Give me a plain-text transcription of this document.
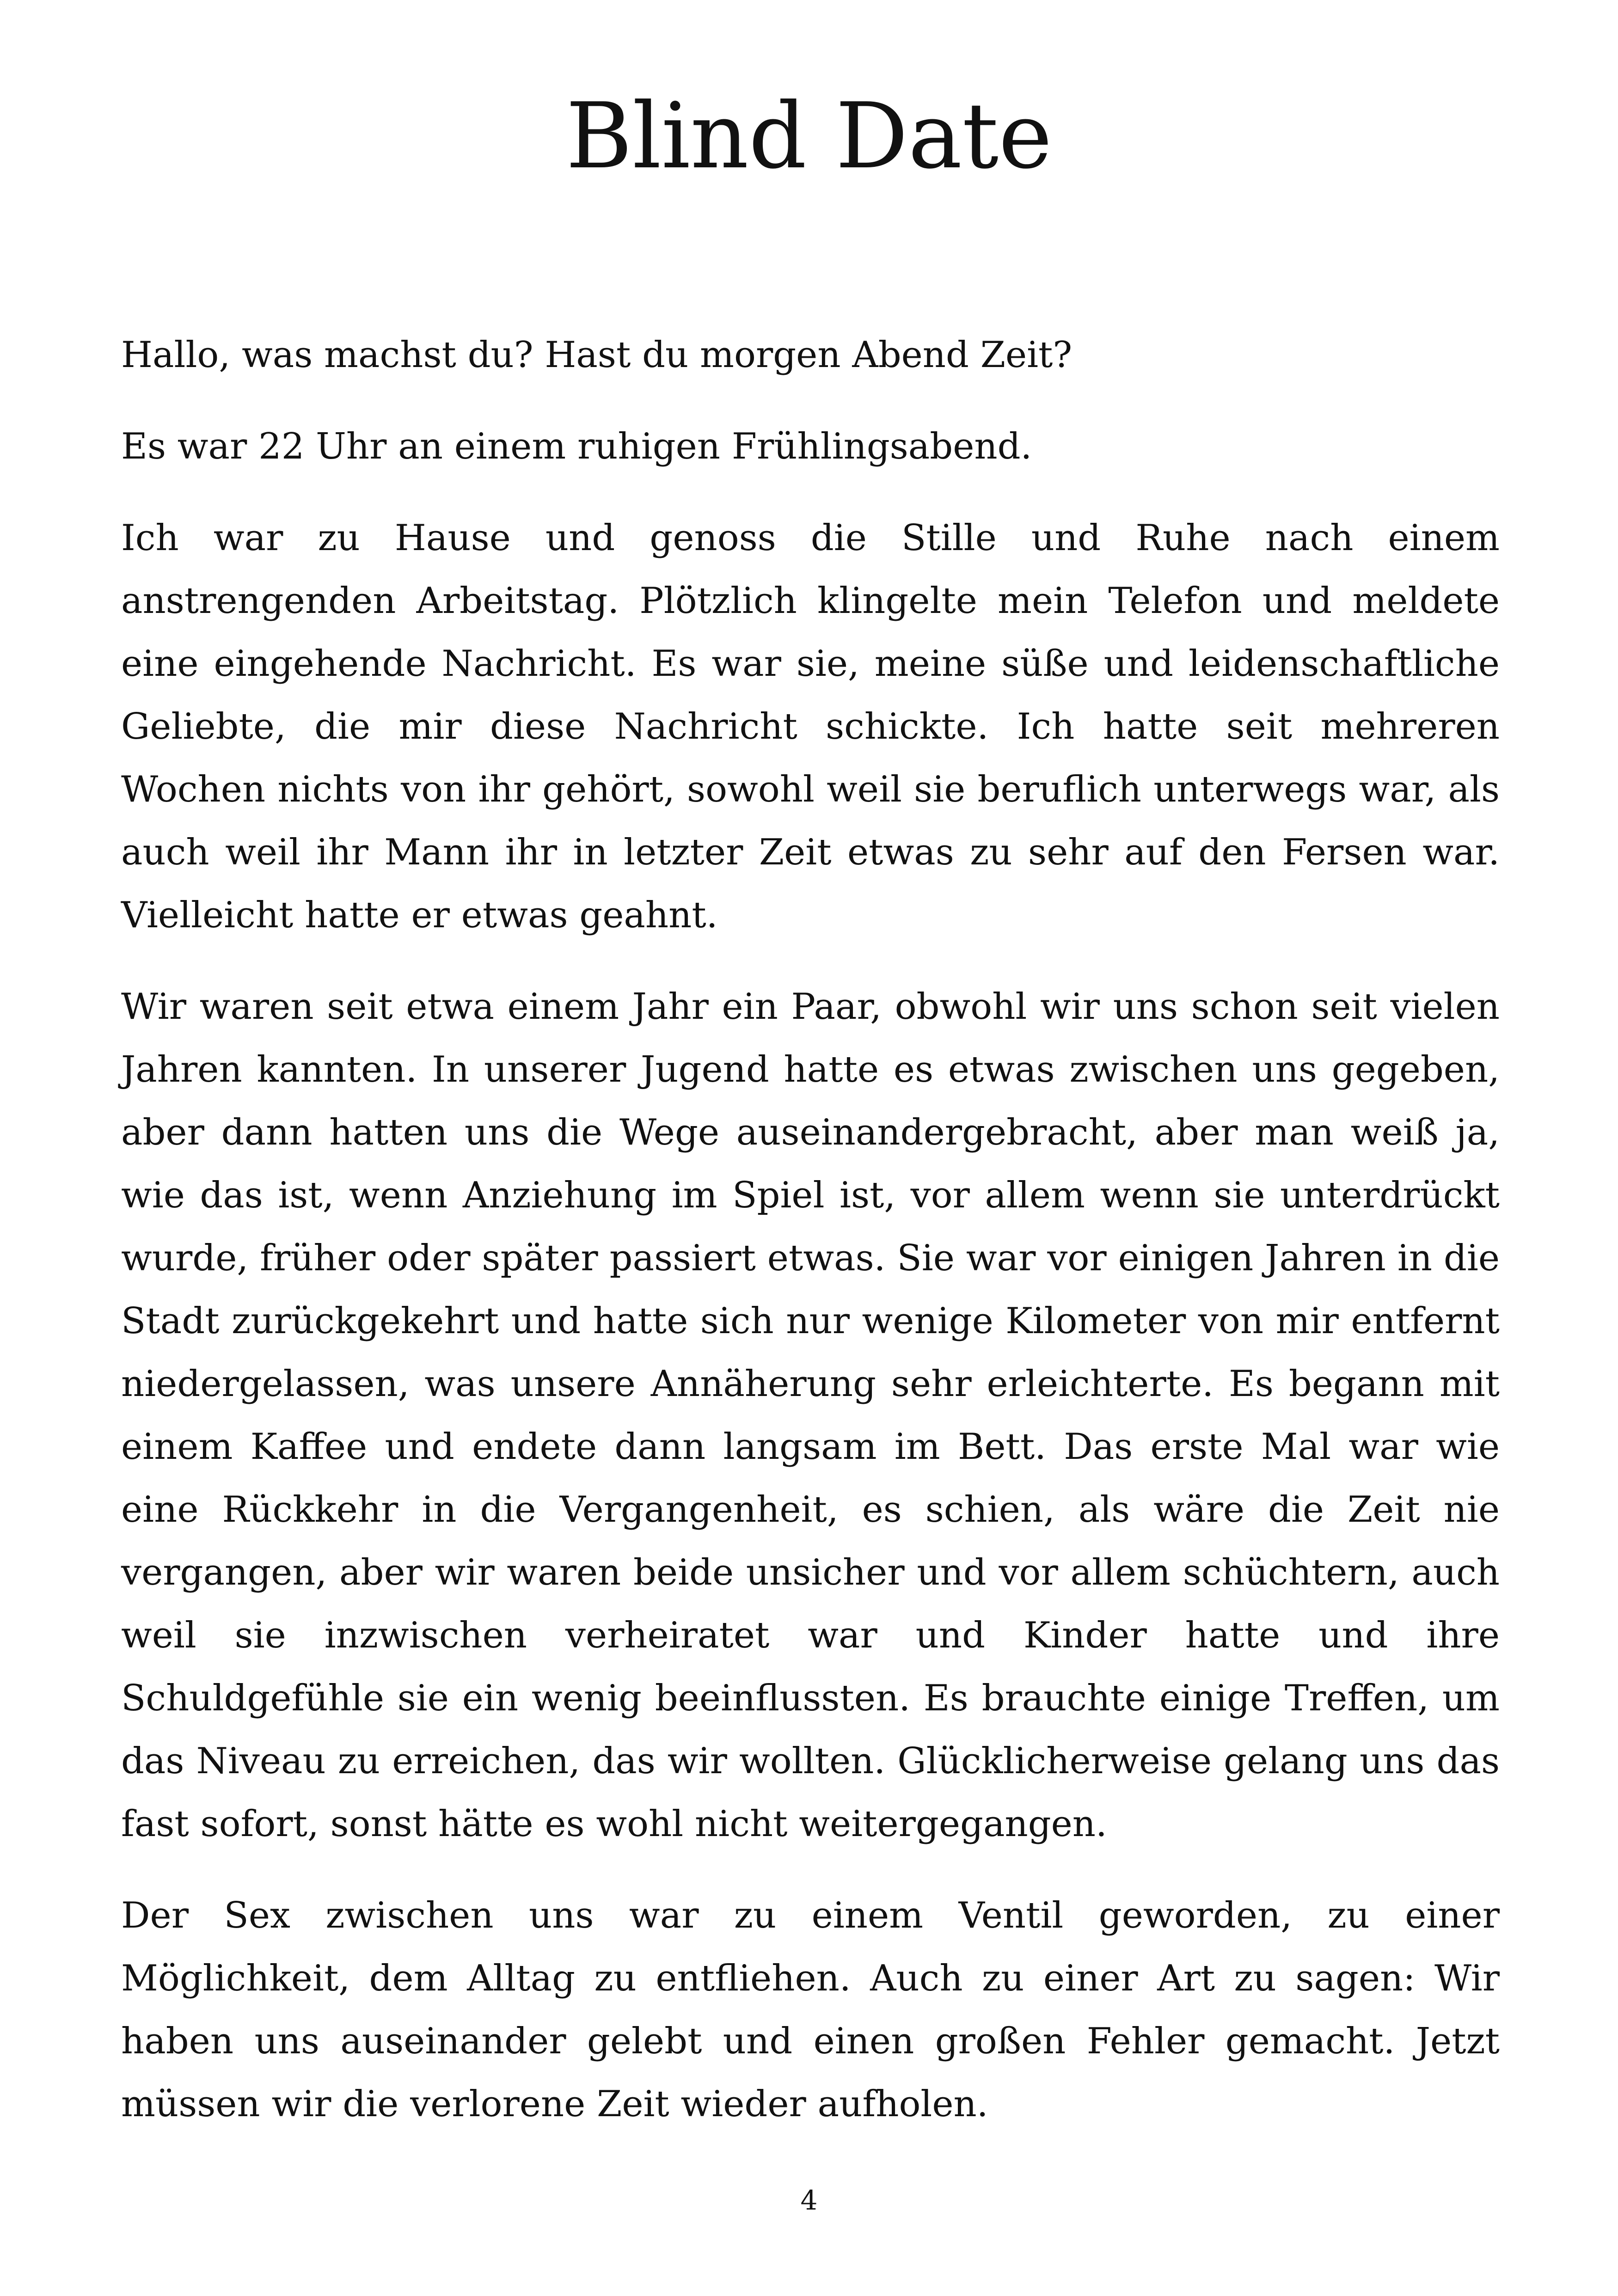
Blind Date

Hallo, was machst du? Hast du morgen Abend Zeit?

Es war 22 Uhr an einem ruhigen Frühlingsabend.

Ich war zu Hause und genoss die Stille und Ruhe nach einem anstrengenden Arbeitstag. Plötzlich klingelte mein Telefon und meldete eine eingehende Nachricht. Es war sie, meine süße und leidenschaftliche Geliebte, die mir diese Nachricht schickte. Ich hatte seit mehreren Wochen nichts von ihr gehört, sowohl weil sie beruflich unterwegs war, als auch weil ihr Mann ihr in letzter Zeit etwas zu sehr auf den Fersen war. Vielleicht hatte er etwas geahnt.

Wir waren seit etwa einem Jahr ein Paar, obwohl wir uns schon seit vielen Jahren kannten. In unserer Jugend hatte es etwas zwischen uns gegeben, aber dann hatten uns die Wege auseinandergebracht, aber man weiß ja, wie das ist, wenn Anziehung im Spiel ist, vor allem wenn sie unterdrückt wurde, früher oder später passiert etwas. Sie war vor einigen Jahren in die Stadt zurückgekehrt und hatte sich nur wenige Kilometer von mir entfernt niedergelassen, was unsere Annäherung sehr erleichterte. Es begann mit einem Kaffee und endete dann langsam im Bett. Das erste Mal war wie eine Rückkehr in die Vergangenheit, es schien, als wäre die Zeit nie vergangen, aber wir waren beide unsicher und vor allem schüchtern, auch weil sie inzwischen verheiratet war und Kinder hatte und ihre Schuldgefühle sie ein wenig beeinflussten. Es brauchte einige Treffen, um das Niveau zu erreichen, das wir wollten. Glücklicherweise gelang uns das fast sofort, sonst hätte es wohl nicht weitergegangen.

Der Sex zwischen uns war zu einem Ventil geworden, zu einer Möglichkeit, dem Alltag zu entfliehen. Auch zu einer Art zu sagen: Wir haben uns auseinander gelebt und einen großen Fehler gemacht. Jetzt müssen wir die verlorene Zeit wieder aufholen.

4
